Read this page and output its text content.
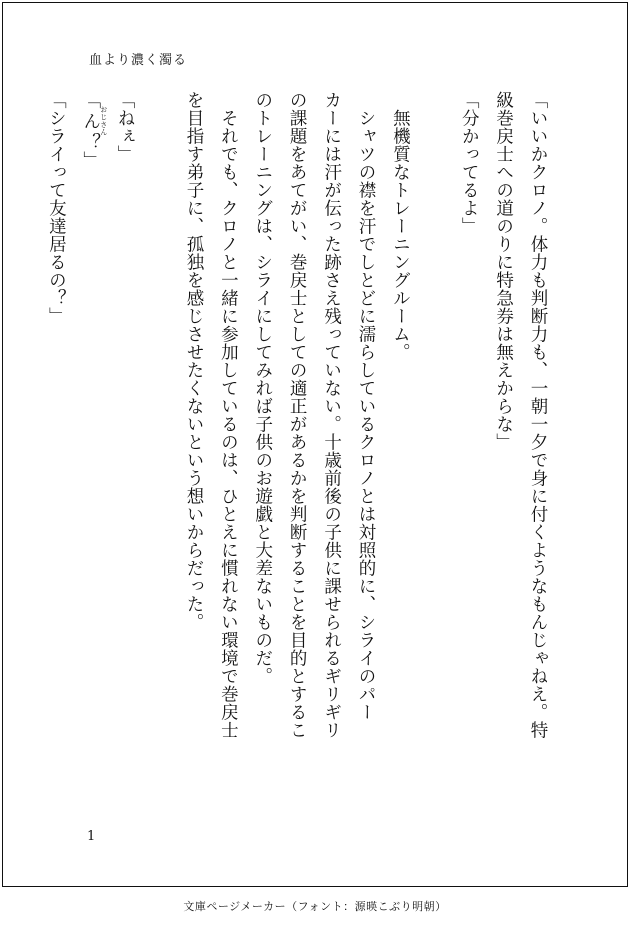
血より濃く濁る

「いいかクロノ。体力も判断力も、一朝一夕で身に付くようなもんじゃねえ。特

級巻戻士への道のりに特急券は無えからな」

「分かってるよ」

無機質なトレーニングルーム。

シャツの襟を汗でしとどに濡らしているクロノとは対照的に、シライのパー

カーには汗が伝った跡さえ残っていない。十歳前後の子供に課せられるギリギリ

の課題をあてがい、巻戻士としての適正があるかを判断することを目的とするこ

のトレーニングは、シライにしてみれば子供のお遊戯と大差ないものだ。

それでも、クロノと一緒に参加しているのは、ひとえに慣れない環境で巻戻士

を目指す弟子に、孤独を感じさせたくないという想いからだった。

「ねぇ」

「ん おじさん？」

「シライって友達居るの？」

1
文庫ページメーカー（フォント：源暎こぶり明朝）
